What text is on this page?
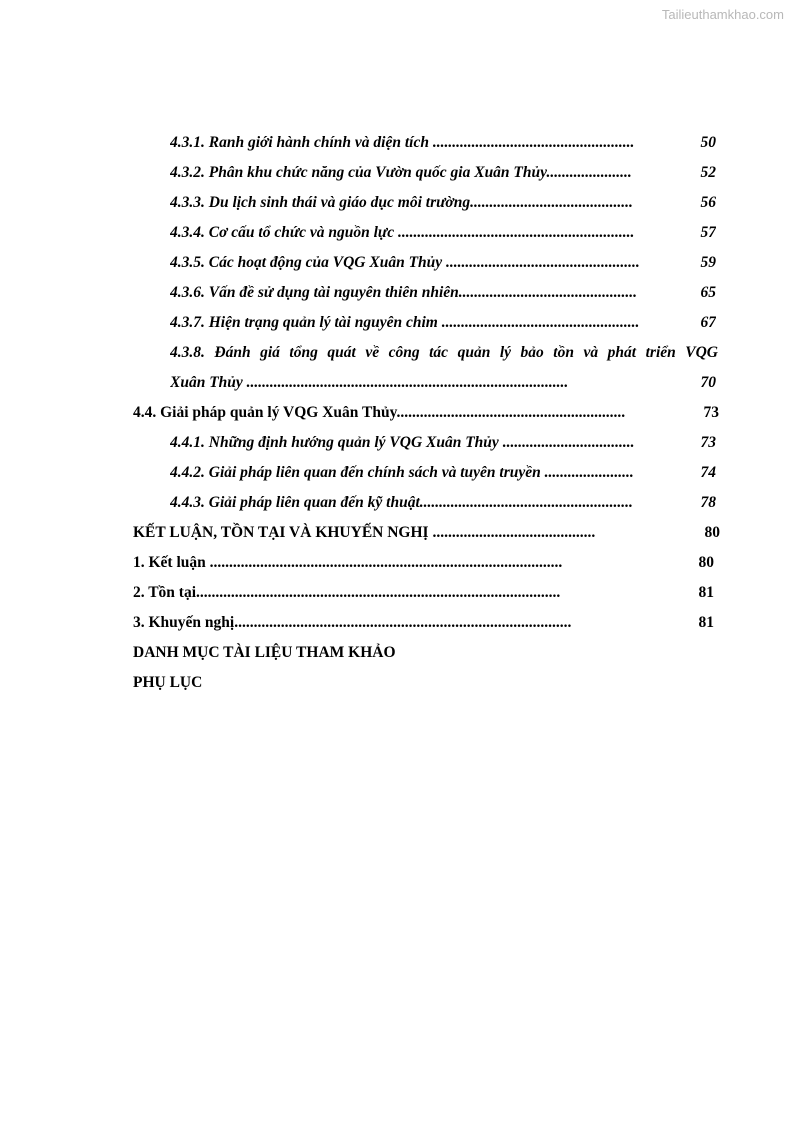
Tailieuthamkhao.com
4.3.1. Ranh giới hành chính và diện tích ....................................................	50
4.3.2. Phân khu chức năng của Vườn quốc gia Xuân Thủy......................	52
4.3.3. Du lịch sinh thái và giáo dục môi trường..........................................	56
4.3.4. Cơ cấu tổ chức và nguồn lực .............................................................	57
4.3.5. Các hoạt động của VQG Xuân Thủy ..................................................	59
4.3.6. Vấn đề sử dụng tài nguyên thiên nhiên..............................................	65
4.3.7. Hiện trạng quản lý tài nguyên chim ...................................................	67
4.3.8. Đánh giá tổng quát về công tác quản lý bảo tồn và phát triển VQG
Xuân Thủy ...................................................................................	70
4.4. Giải pháp quản lý VQG Xuân Thủy...........................................................	73
4.4.1. Những định hướng quản lý VQG Xuân Thủy ..................................	73
4.4.2. Giải pháp liên quan đến chính sách và tuyên truyền .......................	74
4.4.3. Giải pháp liên quan đến kỹ thuật.......................................................	78
KẾT LUẬN, TỒN TẠI VÀ KHUYẾN NGHỊ ..........................................	80
1. Kết luận ...........................................................................................	80
2. Tồn tại..............................................................................................	81
3. Khuyến nghị.......................................................................................	81
DANH MỤC TÀI LIỆU THAM KHẢO
PHỤ LỤC
